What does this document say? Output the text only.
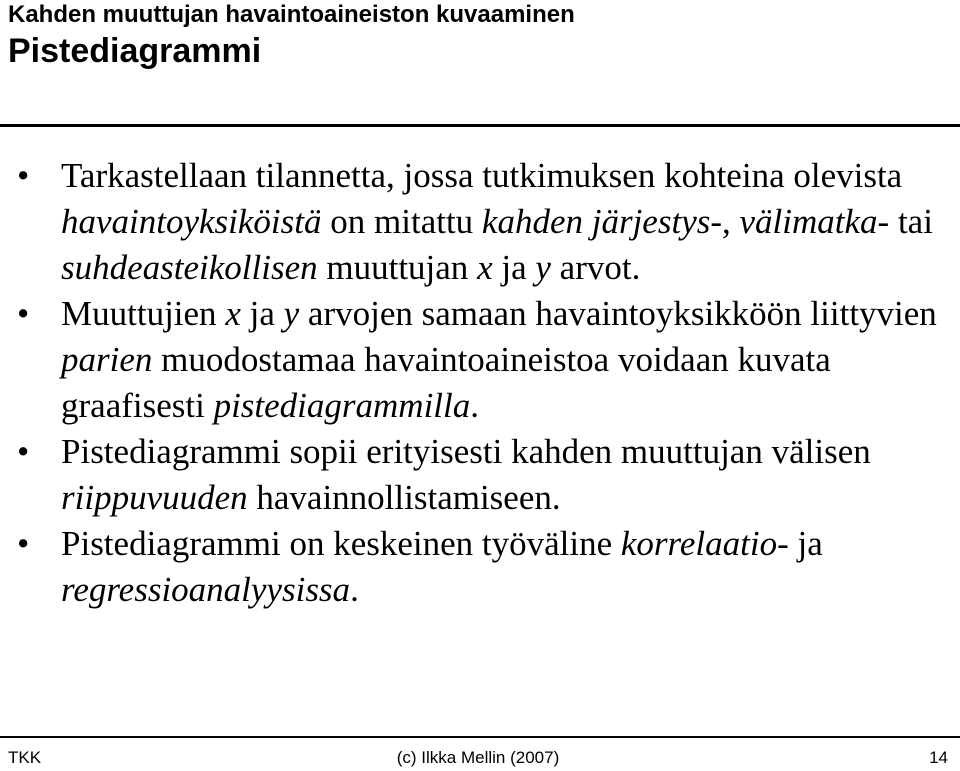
Kahden muuttujan havaintoaineiston kuvaaminen
Pistediagrammi
• Tarkastellaan tilannetta, jossa tutkimuksen kohteina olevista havaintoyksiköistä on mitattu kahden järjestys-, välimatka- tai suhdeasteikollisen muuttujan x ja y arvot.
• Muuttujien x ja y arvojen samaan havaintoyksikköön liittyvien parien muodostamaa havaintoaineistoa voidaan kuvata graafisesti pistediagrammilla.
• Pistediagrammi sopii erityisesti kahden muuttujan välisen riippuvuuden havainnollistamiseen.
• Pistediagrammi on keskeinen työväline korrelaatio- ja regressioanalyysissa.
TKK	(c) Ilkka Mellin (2007)	14
